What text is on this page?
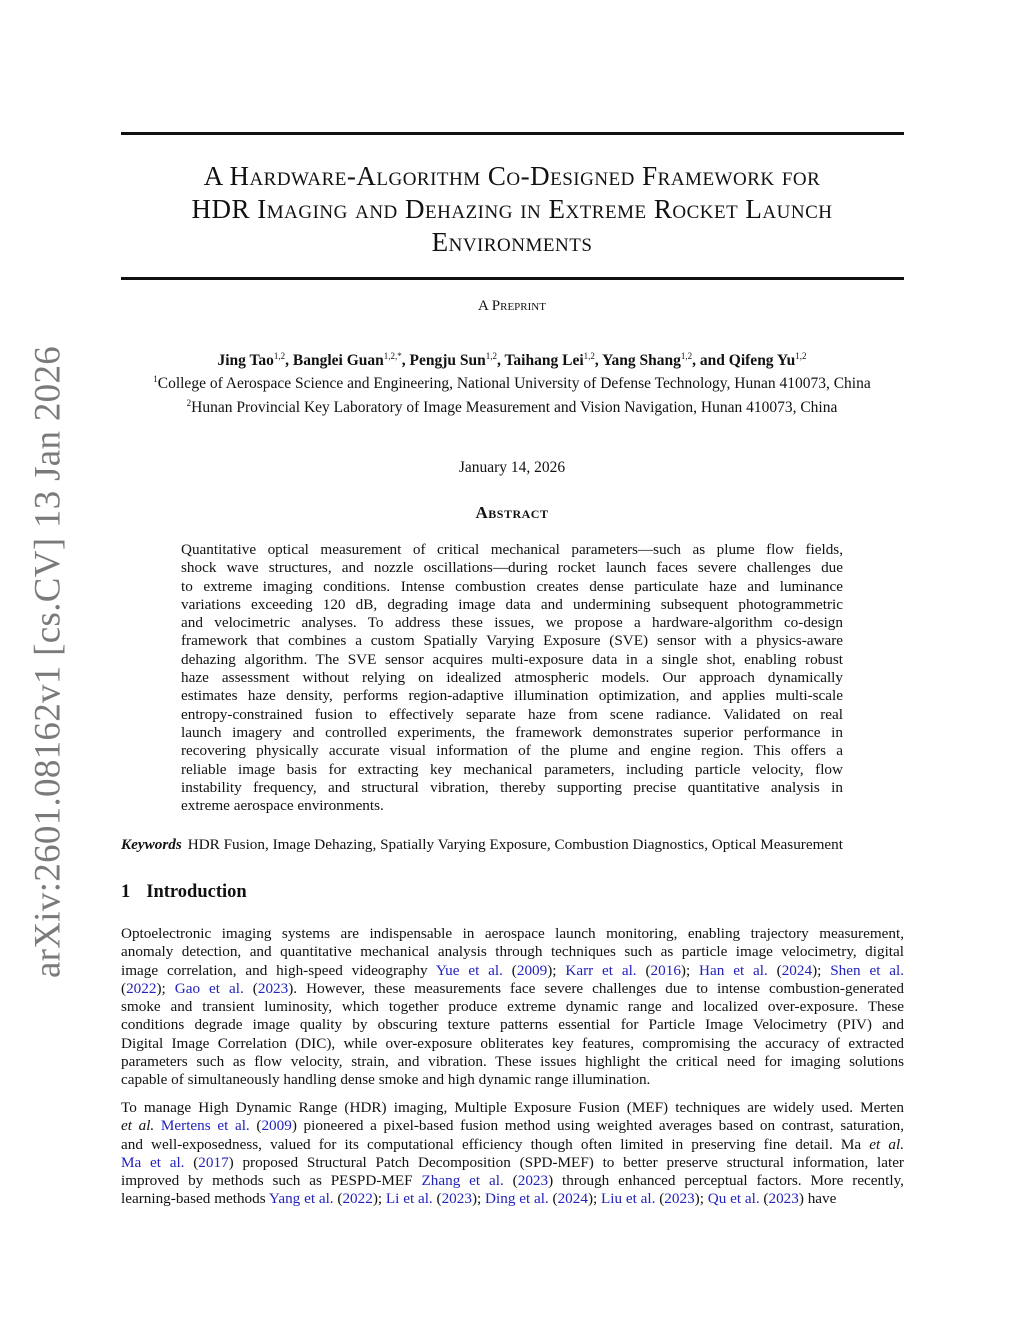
arXiv:2601.08162v1 [cs.CV] 13 Jan 2026
A Hardware-Algorithm Co-Designed Framework for
HDR Imaging and Dehazing in Extreme Rocket Launch
Environments
A Preprint
Jing Tao$^{1,2}$, Banglei Guan$^{1,2,*}$, Pengju Sun$^{1,2}$, Taihang Lei$^{1,2}$, Yang Shang$^{1,2}$, and Qifeng Yu$^{1,2}$
$^1$College of Aerospace Science and Engineering, National University of Defense Technology, Hunan 410073, China
$^2$Hunan Provincial Key Laboratory of Image Measurement and Vision Navigation, Hunan 410073, China
January 14, 2026
Abstract
Quantitative optical measurement of critical mechanical parameters—such as plume flow fields,
shock wave structures, and nozzle oscillations—during rocket launch faces severe challenges due
to extreme imaging conditions. Intense combustion creates dense particulate haze and luminance
variations exceeding 120 dB, degrading image data and undermining subsequent photogrammetric
and velocimetric analyses. To address these issues, we propose a hardware-algorithm co-design
framework that combines a custom Spatially Varying Exposure (SVE) sensor with a physics-aware
dehazing algorithm. The SVE sensor acquires multi-exposure data in a single shot, enabling robust
haze assessment without relying on idealized atmospheric models. Our approach dynamically
estimates haze density, performs region-adaptive illumination optimization, and applies multi-scale
entropy-constrained fusion to effectively separate haze from scene radiance. Validated on real
launch imagery and controlled experiments, the framework demonstrates superior performance in
recovering physically accurate visual information of the plume and engine region. This offers a
reliable image basis for extracting key mechanical parameters, including particle velocity, flow
instability frequency, and structural vibration, thereby supporting precise quantitative analysis in
extreme aerospace environments.
Keywords HDR Fusion, Image Dehazing, Spatially Varying Exposure, Combustion Diagnostics, Optical Measurement
1 Introduction
Optoelectronic imaging systems are indispensable in aerospace launch monitoring, enabling trajectory measurement,
anomaly detection, and quantitative mechanical analysis through techniques such as particle image velocimetry, digital
image correlation, and high-speed videography Yue et al. (2009); Karr et al. (2016); Han et al. (2024); Shen et al.
(2022); Gao et al. (2023). However, these measurements face severe challenges due to intense combustion-generated
smoke and transient luminosity, which together produce extreme dynamic range and localized over-exposure. These
conditions degrade image quality by obscuring texture patterns essential for Particle Image Velocimetry (PIV) and
Digital Image Correlation (DIC), while over-exposure obliterates key features, compromising the accuracy of extracted
parameters such as flow velocity, strain, and vibration. These issues highlight the critical need for imaging solutions
capable of simultaneously handling dense smoke and high dynamic range illumination.
To manage High Dynamic Range (HDR) imaging, Multiple Exposure Fusion (MEF) techniques are widely used. Merten
et al. Mertens et al. (2009) pioneered a pixel-based fusion method using weighted averages based on contrast, saturation,
and well-exposedness, valued for its computational efficiency though often limited in preserving fine detail. Ma et al.
Ma et al. (2017) proposed Structural Patch Decomposition (SPD-MEF) to better preserve structural information, later
improved by methods such as PESPD-MEF Zhang et al. (2023) through enhanced perceptual factors. More recently,
learning-based methods Yang et al. (2022); Li et al. (2023); Ding et al. (2024); Liu et al. (2023); Qu et al. (2023) have
